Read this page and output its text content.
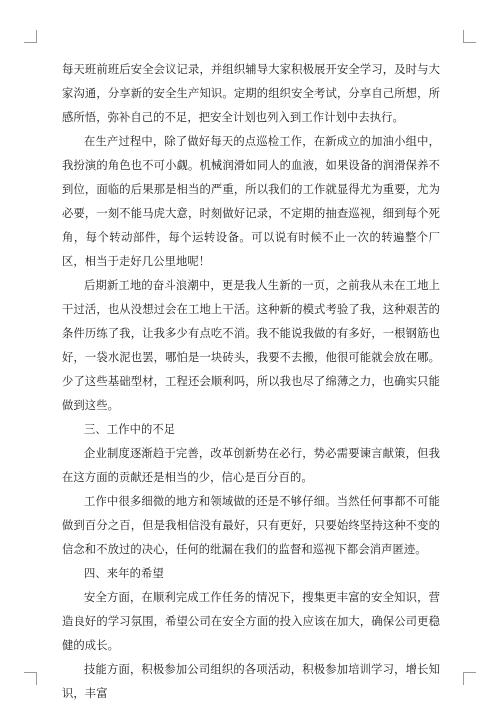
每天班前班后安全会议记录，并组织辅导大家积极展开安全学习，及时与大家沟通，分享新的安全生产知识。定期的组织安全考试，分享自己所想，所感所悟，弥补自己的不足，把安全计划也列入到工作计划中去执行。

在生产过程中，除了做好每天的点巡检工作，在新成立的加油小组中，我扮演的角色也不可小觑。机械润滑如同人的血液，如果设备的润滑保养不到位，面临的后果那是相当的严重，所以我们的工作就显得尤为重要，尤为必要，一刻不能马虎大意，时刻做好记录，不定期的抽查巡视，细到每个死角，每个转动部件，每个运转设备。可以说有时候不止一次的转遍整个厂区，相当于走好几公里地呢！

后期新工地的奋斗浪潮中，更是我人生新的一页，之前我从未在工地上干过活，也从没想过会在工地上干活。这种新的模式考验了我，这种艰苦的条件历练了我，让我多少有点吃不消。我不能说我做的有多好，一根钢筋也好，一袋水泥也罢，哪怕是一块砖头，我要不去搬，他很可能就会放在哪。少了这些基础型材，工程还会顺利吗，所以我也尽了绵薄之力，也确实只能做到这些。

三、工作中的不足

企业制度逐渐趋于完善，改革创新势在必行，势必需要谏言献策，但我在这方面的贡献还是相当的少，信心是百分百的。

工作中很多细微的地方和领域做的还是不够仔细。当然任何事都不可能做到百分之百，但是我相信没有最好，只有更好，只要始终坚持这种不变的信念和不放过的决心，任何的纰漏在我们的监督和巡视下都会消声匿迹。

四、来年的希望

安全方面，在顺利完成工作任务的情况下，搜集更丰富的安全知识，营造良好的学习氛围，希望公司在安全方面的投入应该在加大，确保公司更稳健的成长。

技能方面，积极参加公司组织的各项活动，积极参加培训学习，增长知识，丰富
